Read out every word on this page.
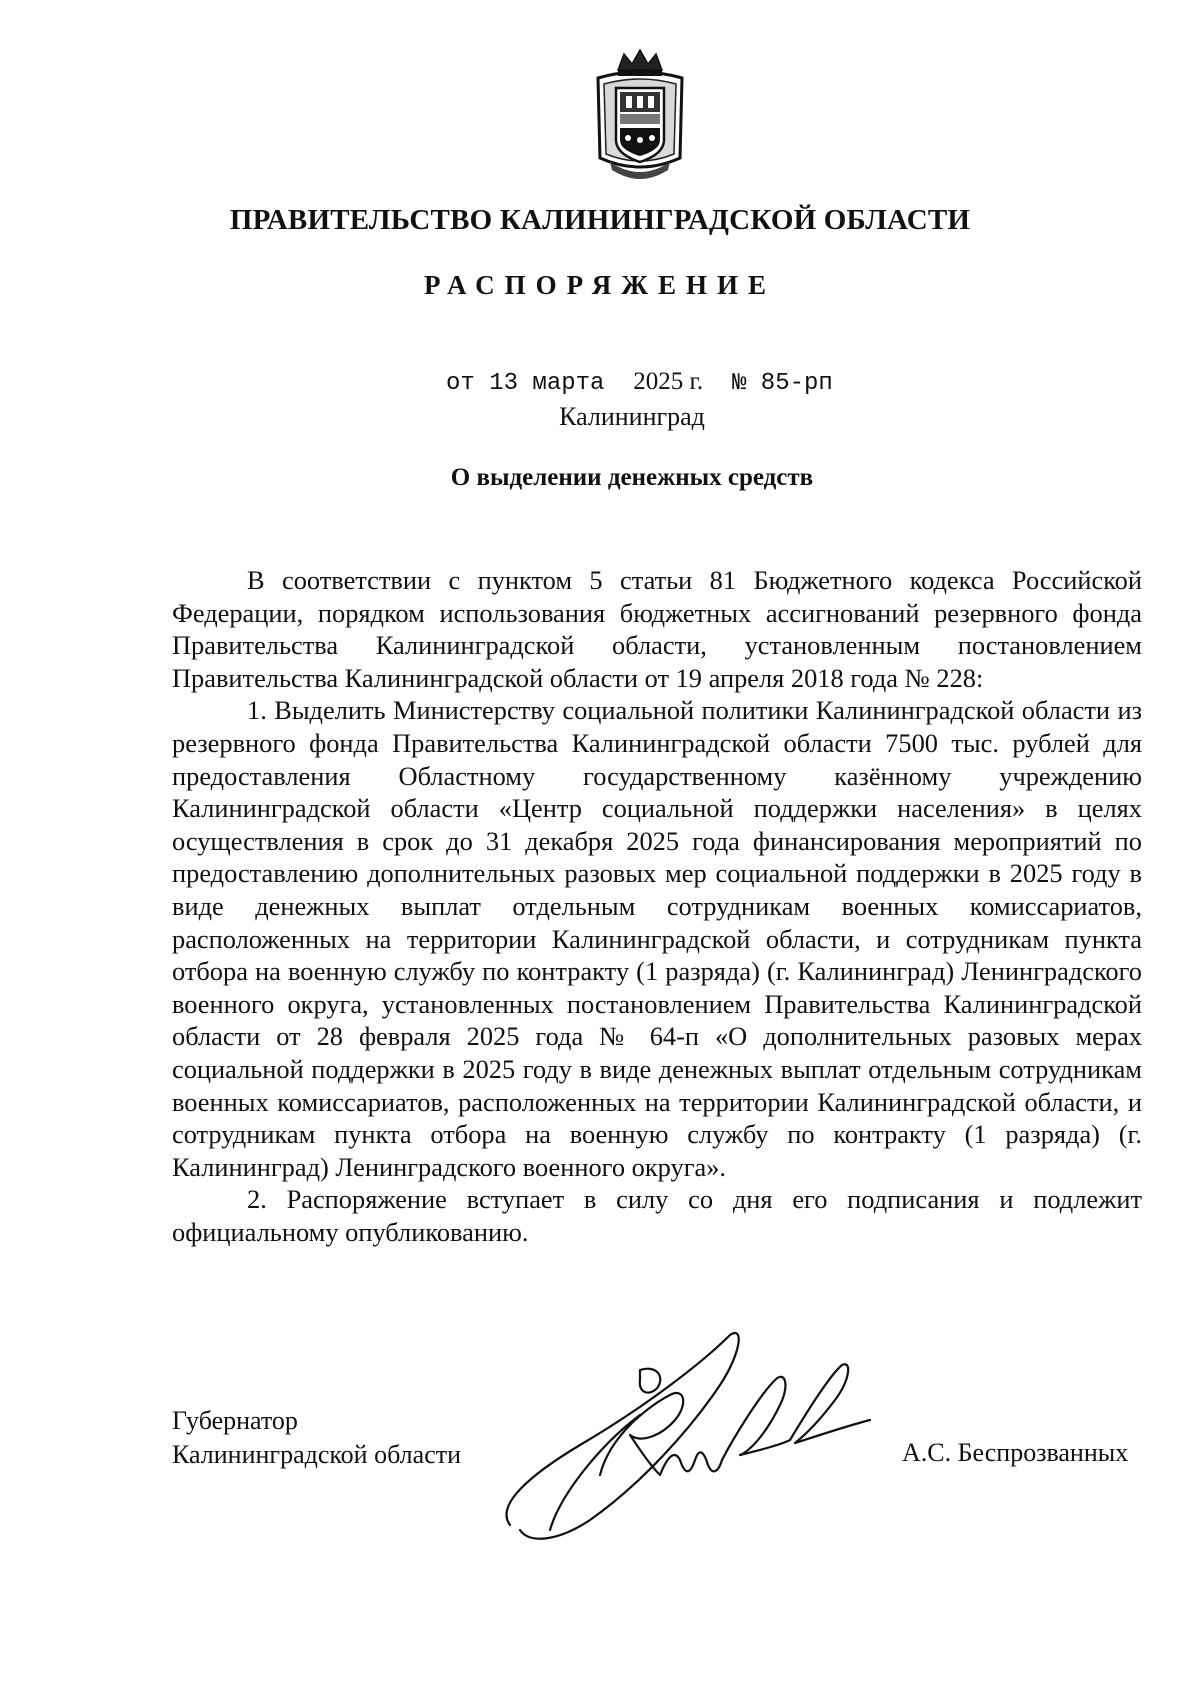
ПРАВИТЕЛЬСТВО КАЛИНИНГРАДСКОЙ ОБЛАСТИ
РАСПОРЯЖЕНИЕ
от 13 марта 2025 г. № 85-рп
Калининград
О выделении денежных средств

В соответствии с пунктом 5 статьи 81 Бюджетного кодекса Российской Федерации, порядком использования бюджетных ассигнований резервного фонда Правительства Калининградской области, установленным постановлением Правительства Калининградской области от 19 апреля 2018 года № 228:

1. Выделить Министерству социальной политики Калининградской области из резервного фонда Правительства Калининградской области 7500 тыс. рублей для предоставления Областному государственному казённому учреждению Калининградской области «Центр социальной поддержки населения» в целях осуществления в срок до 31 декабря 2025 года финансирования мероприятий по предоставлению дополнительных разовых мер социальной поддержки в 2025 году в виде денежных выплат отдельным сотрудникам военных комиссариатов, расположенных на территории Калининградской области, и сотрудникам пункта отбора на военную службу по контракту (1 разряда) (г. Калининград) Ленинградского военного округа, установленных постановлением Правительства Калининградской области от 28 февраля 2025 года № 64-п «О дополнительных разовых мерах социальной поддержки в 2025 году в виде денежных выплат отдельным сотрудникам военных комиссариатов, расположенных на территории Калининградской области, и сотрудникам пункта отбора на военную службу по контракту (1 разряда) (г. Калининград) Ленинградского военного округа».

2. Распоряжение вступает в силу со дня его подписания и подлежит официальному опубликованию.

Губернатор
Калининградской области	А.С. Беспрозванных
